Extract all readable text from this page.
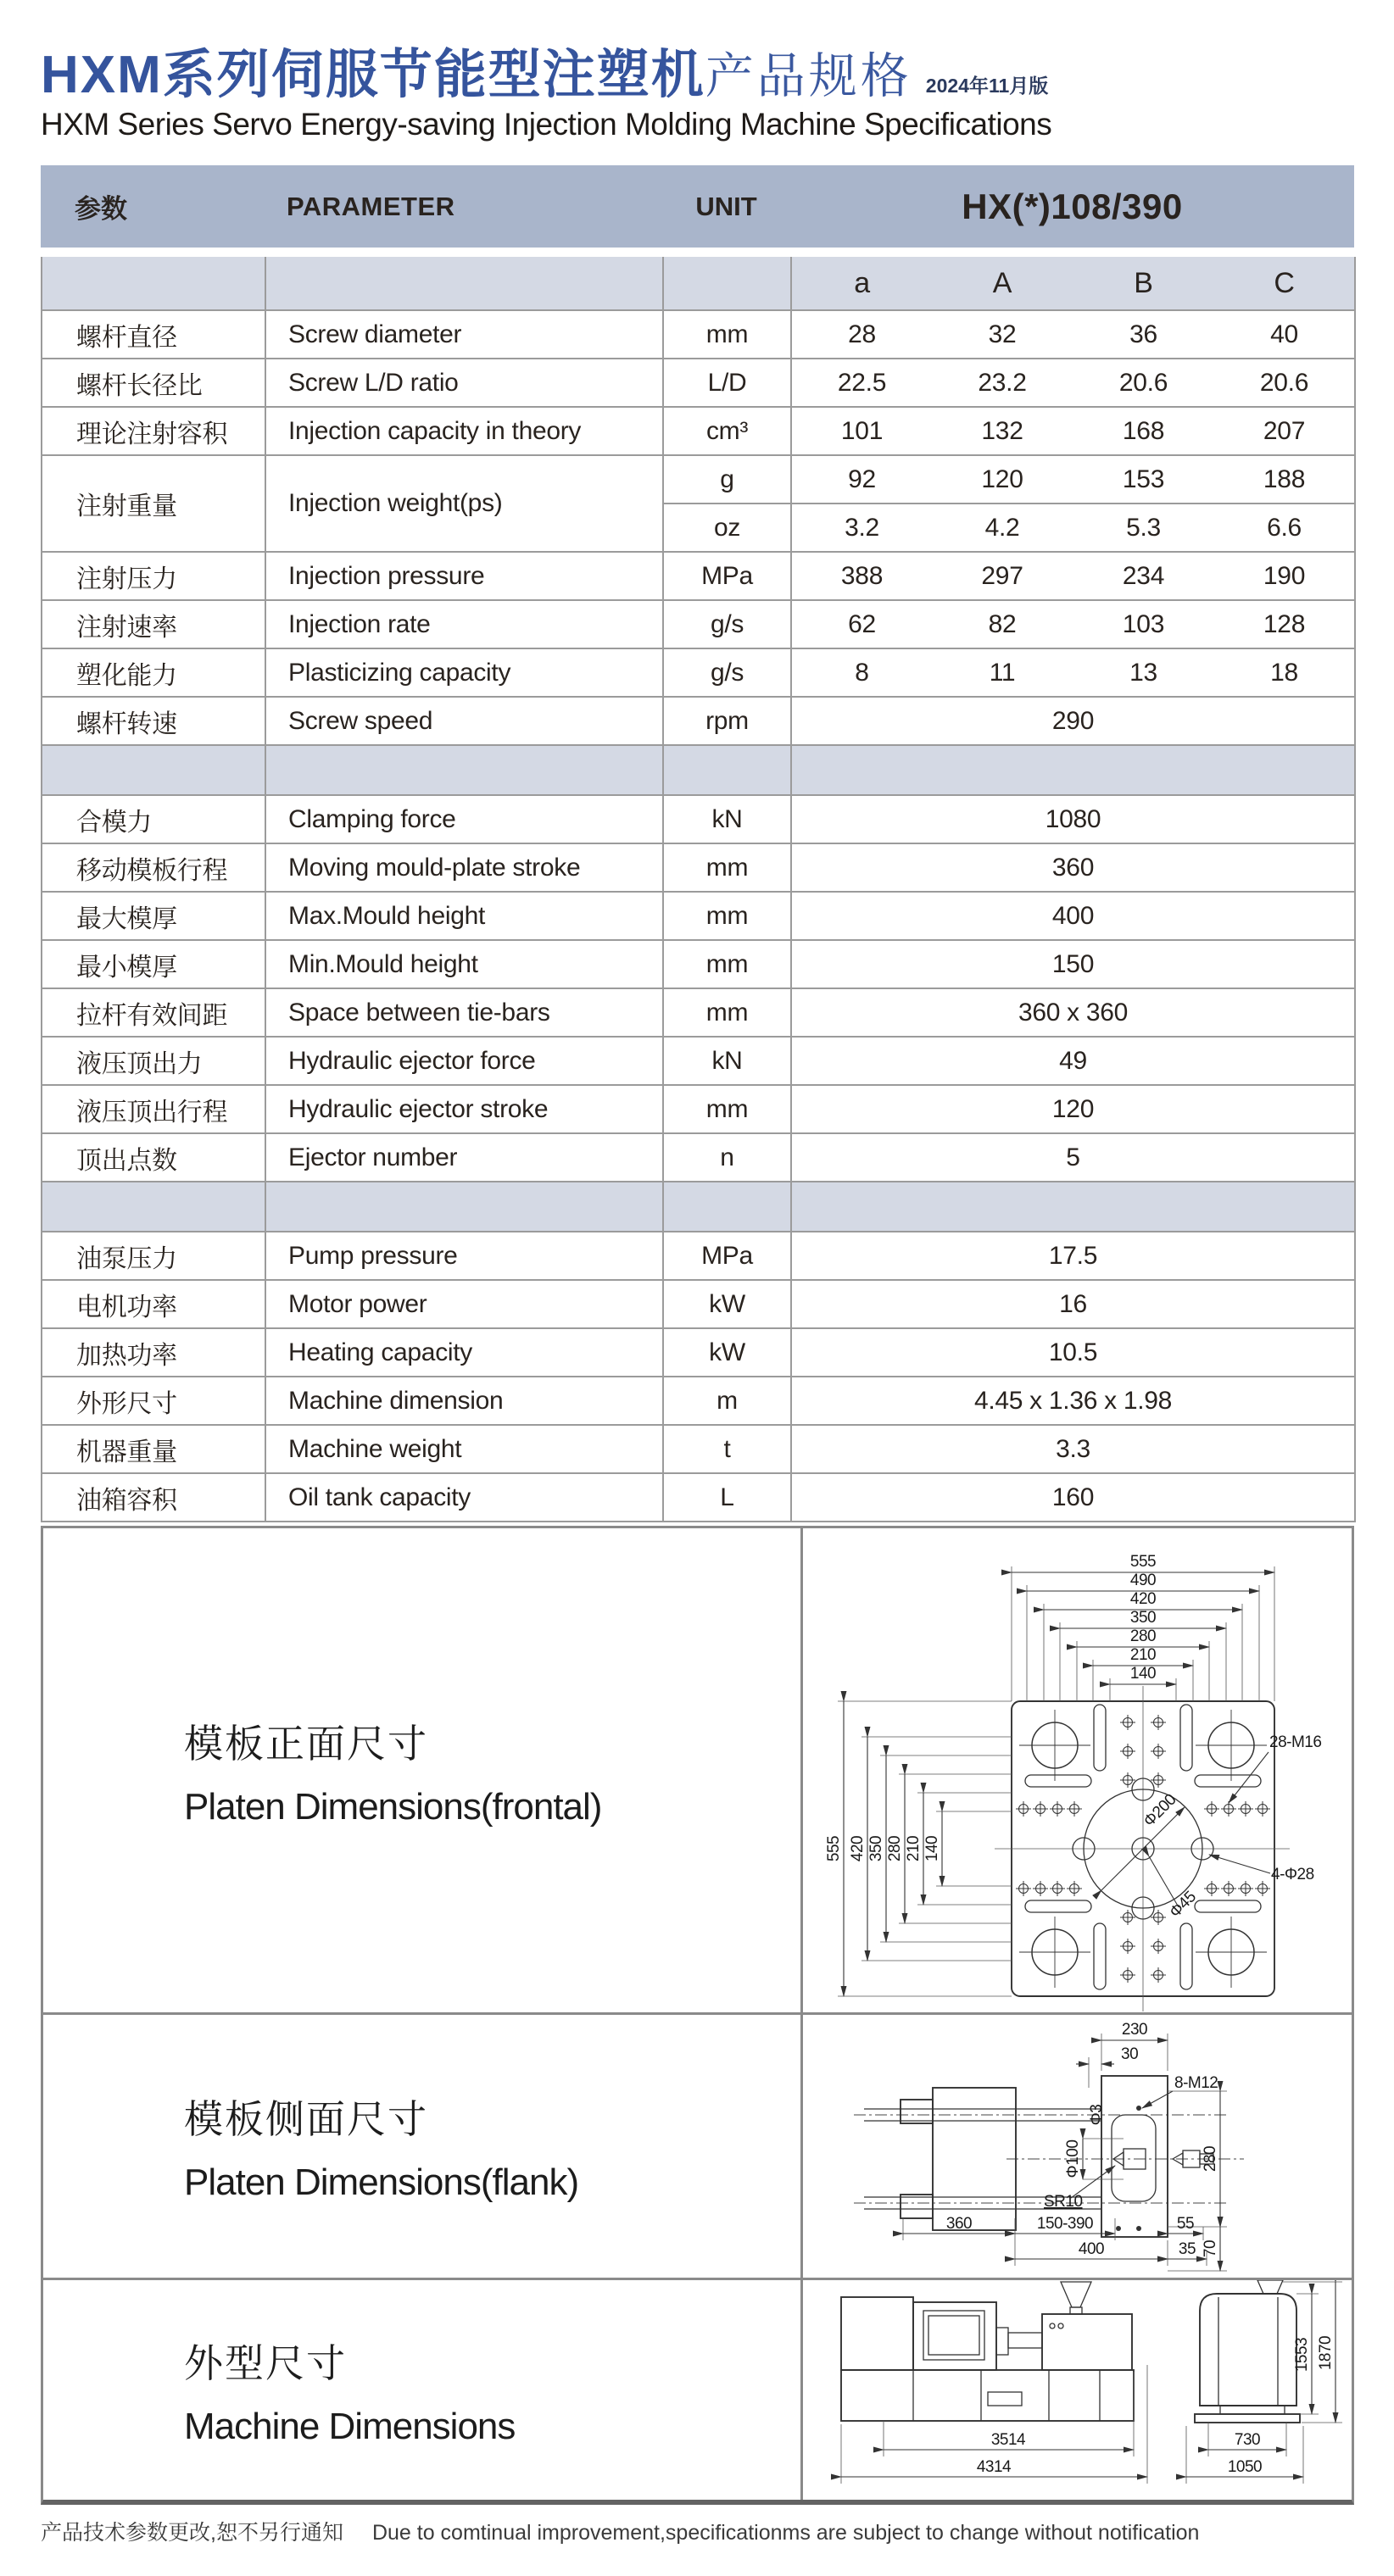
HXM系列伺服节能型注塑机产品规格 2024年11月版
HXM Series Servo Energy-saving Injection Molding Machine Specifications
参数	PARAMETER	UNIT	HX(*)108/390
			a	A	B	C
螺杆直径	Screw diameter	mm	28	32	36	40
螺杆长径比	Screw L/D ratio	L/D	22.5	23.2	20.6	20.6
理论注射容积	Injection capacity in theory	cm³	101	132	168	207
注射重量	Injection weight(ps)	g	92	120	153	188
		oz	3.2	4.2	5.3	6.6
注射压力	Injection pressure	MPa	388	297	234	190
注射速率	Injection rate	g/s	62	82	103	128
塑化能力	Plasticizing capacity	g/s	8	11	13	18
螺杆转速	Screw speed	rpm	290			

合模力	Clamping force	kN	1080			
移动模板行程	Moving mould-plate stroke	mm	360			
最大模厚	Max.Mould height	mm	400			
最小模厚	Min.Mould height	mm	150			
拉杆有效间距	Space between tie-bars	mm	360 x 360			
液压顶出力	Hydraulic ejector force	kN	49			
液压顶出行程	Hydraulic ejector stroke	mm	120			
顶出点数	Ejector number	n	5			

油泵压力	Pump pressure	MPa	17.5			
电机功率	Motor power	kW	16			
加热功率	Heating capacity	kW	10.5			
外形尺寸	Machine dimension	m	4.45 x 1.36 x 1.98			
机器重量	Machine weight	t	3.3			
油箱容积	Oil tank capacity	L	160			
模板正面尺寸
Platen Dimensions(frontal)
555
490
420
350
280
210
140
555 420 350 280 210 140
Φ200
Φ45
28-M16
4-Φ28
模板侧面尺寸
Platen Dimensions(flank)
230
30
8-M12
280
70
Φ100
Φ3
SR10
360	150-390	55
400	35
外型尺寸
Machine Dimensions	3514
4314
730
1050
1553 1870
产品技术参数更改,恕不另行通知 Due to comtinual improvement,specificationms are subject to change without notification
